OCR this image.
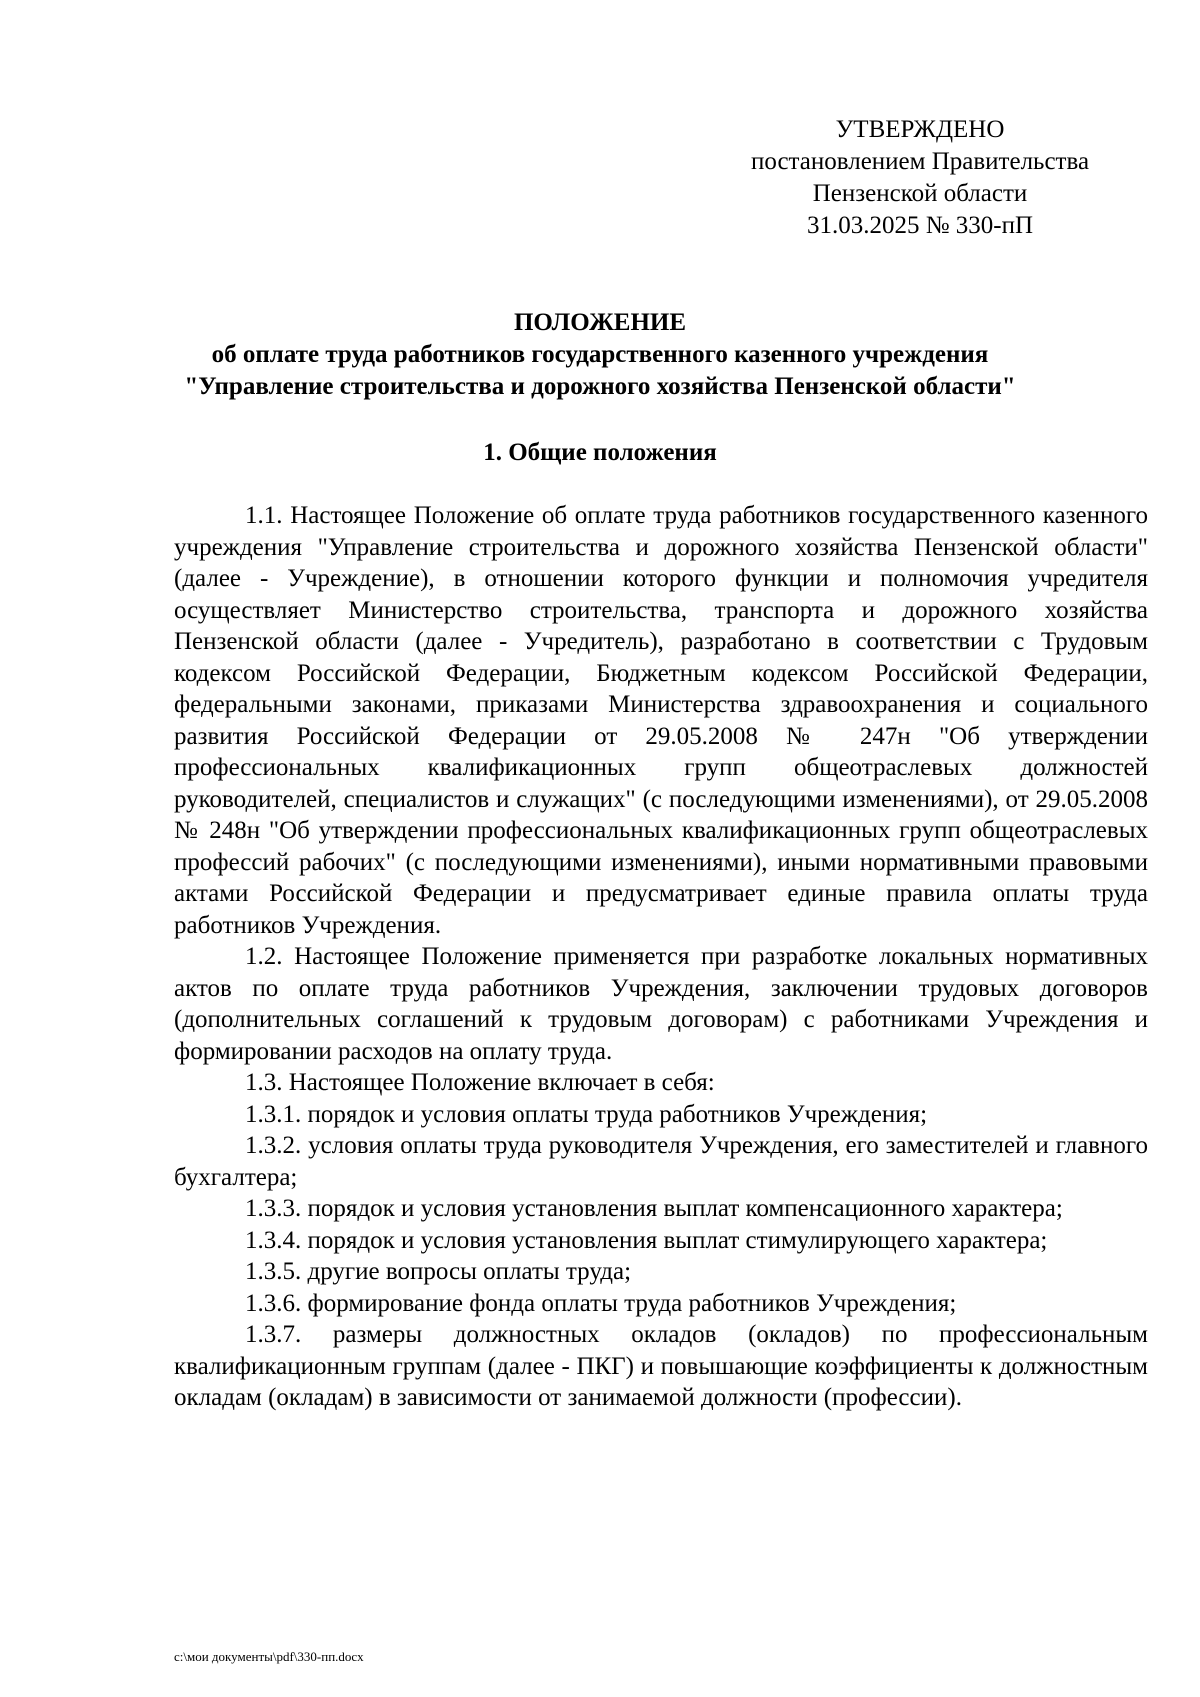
УТВЕРЖДЕНО
постановлением Правительства
Пензенской области
31.03.2025 № 330-пП
ПОЛОЖЕНИЕ
об оплате труда работников государственного казенного учреждения
"Управление строительства и дорожного хозяйства Пензенской области"
1. Общие положения

1.1. Настоящее Положение об оплате труда работников государственного казенного учреждения "Управление строительства и дорожного хозяйства Пензенской области" (далее - Учреждение), в отношении которого функции и полномочия учредителя осуществляет Министерство строительства, транспорта и дорожного хозяйства Пензенской области (далее - Учредитель), разработано в соответствии с Трудовым кодексом Российской Федерации, Бюджетным кодексом Российской Федерации, федеральными законами, приказами Министерства здравоохранения и социального развития Российской Федерации от 29.05.2008 № 247н "Об утверждении профессиональных квалификационных групп общеотраслевых должностей руководителей, специалистов и служащих" (с последующими изменениями), от 29.05.2008 № 248н "Об утверждении профессиональных квалификационных групп общеотраслевых профессий рабочих" (с последующими изменениями), иными нормативными правовыми актами Российской Федерации и предусматривает единые правила оплаты труда работников Учреждения.

1.2. Настоящее Положение применяется при разработке локальных нормативных актов по оплате труда работников Учреждения, заключении трудовых договоров (дополнительных соглашений к трудовым договорам) с работниками Учреждения и формировании расходов на оплату труда.

1.3. Настоящее Положение включает в себя:

1.3.1. порядок и условия оплаты труда работников Учреждения;

1.3.2. условия оплаты труда руководителя Учреждения, его заместителей и главного бухгалтера;

1.3.3. порядок и условия установления выплат компенсационного характера;

1.3.4. порядок и условия установления выплат стимулирующего характера;

1.3.5. другие вопросы оплаты труда;

1.3.6. формирование фонда оплаты труда работников Учреждения;

1.3.7. размеры должностных окладов (окладов) по профессиональным квалификационным группам (далее - ПКГ) и повышающие коэффициенты к должностным окладам (окладам) в зависимости от занимаемой должности (профессии).

c:\мои документы\pdf\330-пп.docx
